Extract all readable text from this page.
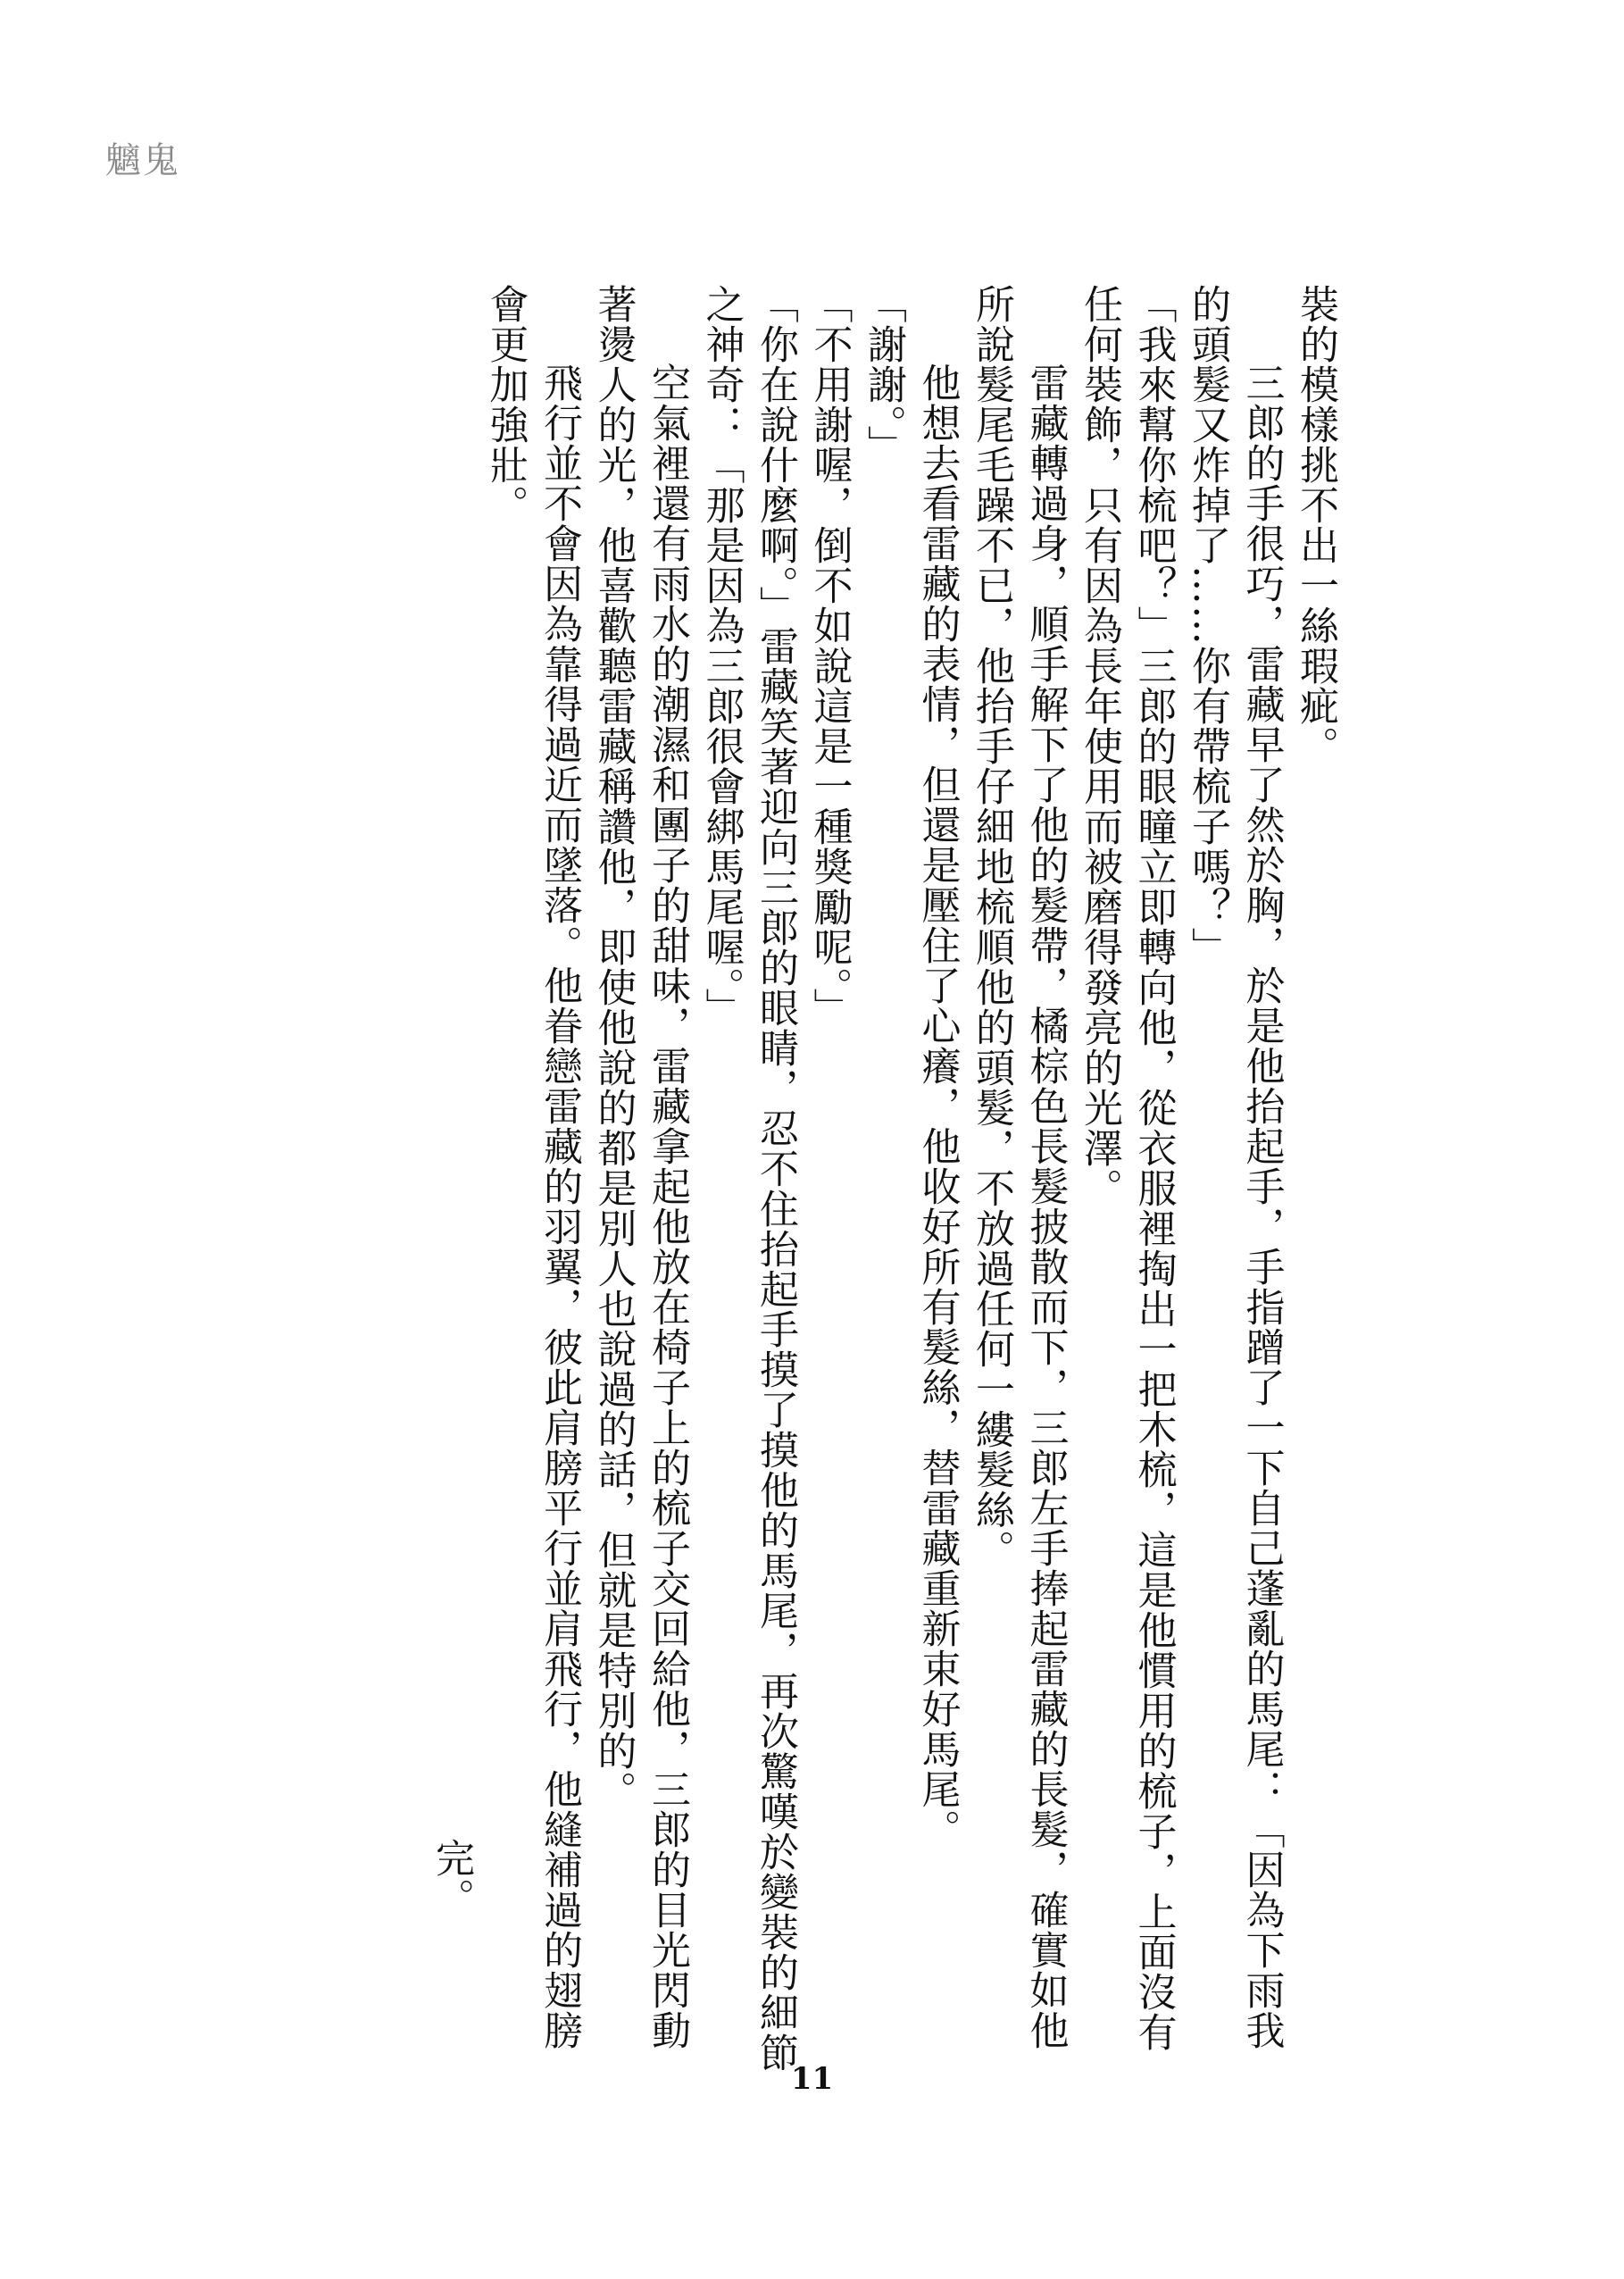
魑鬼

裝的模樣挑不出一絲瑕疵。

三郎的手很巧，雷藏早了然於胸，於是他抬起手，手指蹭了一下自己蓬亂的馬尾：「因為下雨我的頭髮又炸掉了……你有帶梳子嗎？」

「我來幫你梳吧？」三郎的眼瞳立即轉向他，從衣服裡掏出一把木梳，這是他慣用的梳子，上面沒有任何裝飾，只有因為長年使用而被磨得發亮的光澤。

雷藏轉過身，順手解下了他的髮帶，橘棕色長髮披散而下，三郎左手捧起雷藏的長髮，確實如他所說髮尾毛躁不已，他抬手仔細地梳順他的頭髮，不放過任何一縷髮絲。

他想去看雷藏的表情，但還是壓住了心癢，他收好所有髮絲，替雷藏重新束好馬尾。

「謝謝。」

「不用謝喔，倒不如說這是一種獎勵呢。」

「你在說什麼啊。」雷藏笑著迎向三郎的眼睛，忍不住抬起手摸了摸他的馬尾，再次驚嘆於變裝的細節之神奇：「那是因為三郎很會綁馬尾喔。」

空氣裡還有雨水的潮濕和團子的甜味，雷藏拿起他放在椅子上的梳子交回給他，三郎的目光閃動著燙人的光，他喜歡聽雷藏稱讚他，即使他說的都是別人也說過的話，但就是特別的。

飛行並不會因為靠得過近而墜落。他眷戀雷藏的羽翼，彼此肩膀平行並肩飛行，他縫補過的翅膀會更加強壯。

完。

11
